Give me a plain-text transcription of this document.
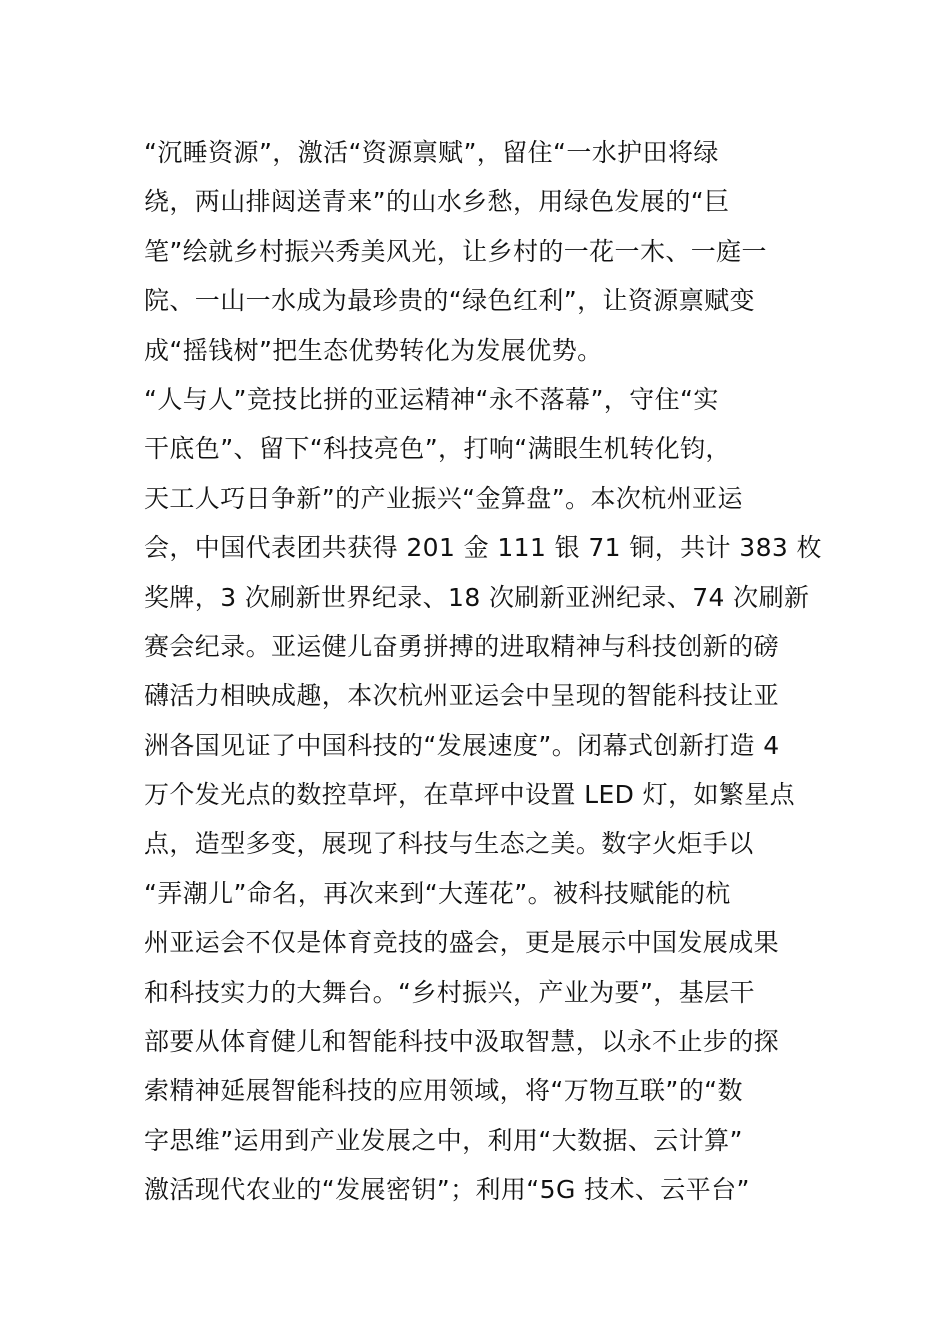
“沉睡资源”，激活“资源禀赋”，留住“一水护田将绿
绕，两山排闼送青来”的山水乡愁，用绿色发展的“巨
笔”绘就乡村振兴秀美风光，让乡村的一花一木、一庭一
院、一山一水成为最珍贵的“绿色红利”，让资源禀赋变
成“摇钱树”把生态优势转化为发展优势。
“人与人”竞技比拼的亚运精神“永不落幕”，守住“实
干底色”、留下“科技亮色”，打响“满眼生机转化钧，
天工人巧日争新”的产业振兴“金算盘”。本次杭州亚运
会，中国代表团共获得 201 金 111 银 71 铜，共计 383 枚
奖牌，3 次刷新世界纪录、18 次刷新亚洲纪录、74 次刷新
赛会纪录。亚运健儿奋勇拼搏的进取精神与科技创新的磅
礴活力相映成趣，本次杭州亚运会中呈现的智能科技让亚
洲各国见证了中国科技的“发展速度”。闭幕式创新打造 4
万个发光点的数控草坪，在草坪中设置 LED 灯，如繁星点
点，造型多变，展现了科技与生态之美。数字火炬手以
“弄潮儿”命名，再次来到“大莲花”。被科技赋能的杭
州亚运会不仅是体育竞技的盛会，更是展示中国发展成果
和科技实力的大舞台。“乡村振兴，产业为要”，基层干
部要从体育健儿和智能科技中汲取智慧，以永不止步的探
索精神延展智能科技的应用领域，将“万物互联”的“数
字思维”运用到产业发展之中，利用“大数据、云计算”
激活现代农业的“发展密钥”；利用“5G 技术、云平台”
